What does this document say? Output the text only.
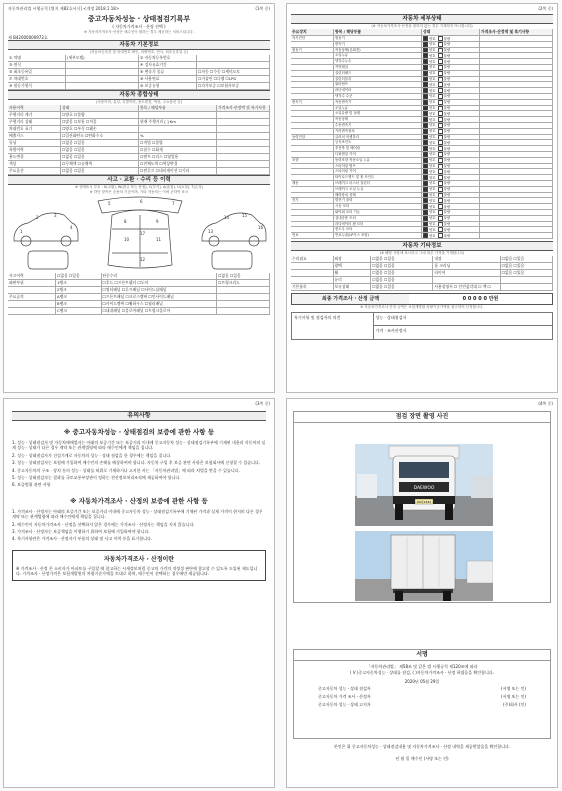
자동차관리법 시행규칙 [별지 제82호서식] <개정 2018.1.18>	(1쪽 중)
중고자동차성능 · 상태점검기록부
( 자동차가격조사 · 산정 선택 )
※ 자동차가격조사·산정은 매수인이 원하는 경우 제공하는 서비스입니다.
제 B42000000972호
자동차 기본정보
(자동차등록증 및 차대번호 확인, 차량번호, 연식, 최초등록일 등)
① 차명	(세부모델)	② 자동차등록번호
③ 연식	④ 검사유효기간
⑤ 최초등록일	⑥ 변속기 종류	☐자동 ☐수동 ☐세미오토
⑦ 차대번호	⑧ 사용연료	☐가솔린 ☐디젤 ☐LPG
⑨ 원동기형식	⑩ 보증유형	☐자가보증 ☐보험사보증
자동차 종합상태
(사용이력, 튜닝, 특별이력, 용도변경, 색상, 주요옵션 등)
사용이력	상태	항목 / 해당부품	가격조사·산정액 및 특기사항
주행거리 계기	☐양호 ☐불량
주행거리 상태	☐많음 ☐보통 ☐적음	현재 주행거리 [ ] Km
차대번호 표기	☐양호 ☐부식 ☐훼손
배출가스	☐일산화탄소 ☐탄화수소	%
튜닝	☐없음 ☐있음	☐적법 ☐불법
특별이력	☐없음 ☐있음	☐침수 ☐화재
용도변경	☐없음 ☐있음	☐렌트 ☐리스 ☐영업용
색상	☐무채색 ☐유채색	☐전체도색 ☐색상변경
주요옵션	☐없음 ☐있음	☐썬루프 ☐네비게이션 ☐기타
사고 · 교환 · 수리 등 이력
※ 상태표시 부호 : X(교환), W(판금 또는 용접), C(부식), A(흠집), U(요철), T(손상)
※ 하단 항목은 승용차 기준이며, 기타 자동차는 이에 준하여 표시
1
2	3
4
5	6	7
8	9
10	11
12
13
14	15
16
17
사고이력	☐없음 ☐있음	단순수리	☐없음 ☐있음
외판부위	1랭크	☐후드 ☐프론트휀더 ☐도어	☐트렁크리드
2랭크	☐쿼터패널 ☐루프패널 ☐사이드실패널
주요골격	A랭크	☐프론트패널 ☐크로스멤버 ☐인사이드패널
B랭크	☐사이드멤버 ☐휠하우스 ☐필러패널
C랭크	☐대쉬패널 ☐플로어패널 ☐트렁크플로어
(2쪽 중)
자동차 세부상태
(※ 자동차가격조사·산정을 원하지 않는 경우 기재하지 아니합니다)
주요장치	항목 / 해당부품	상태	가격조사·산정액 및 특기사항
자기진단	원동기	양호 불량
변속기	양호 불량
원동기	작동상태(공회전)	양호 불량
오일누유	양호 불량
냉각수누수	양호 불량
커먼레일	양호 불량
실린더헤드	양호 불량
실린더블록	양호 불량
워터펌프	양호 불량
라디에이터	양호 불량
냉각수 수준	양호 불량
변속기	자동변속기	양호 불량
오일누유	양호 불량
오일유량 및 상태	양호 불량
작동상태	양호 불량
수동변속기	양호 불량
기어변속장치	양호 불량
동력전달	클러치 어셈블리	양호 불량
등속조인트	양호 불량
추진축 및 베어링	양호 불량
디퍼렌셜 기어	양호 불량
조향	동력조향 작동오일 누유	양호 불량
스티어링 펌프	양호 불량
스티어링 기어	양호 불량
타이로드엔드 및 볼 조인트	양호 불량
제동	브레이크 마스터 실린더	양호 불량
브레이크 오일 누유	양호 불량
배력장치 상태	양호 불량
전기	발전기 출력	양호 불량
시동 모터	양호 불량
와이퍼 모터 기능	양호 불량
실내송풍 모터	양호 불량
라디에이터 팬 모터	양호 불량
윈도우 모터	양호 불량
연료	연료누출(LP가스 포함)	양호 불량
자동차 기타정보
(※ 해당 사항에 표시하고 그에 따른 가격을 기재합니다)
수리필요	외장	☐없음 ☐있음	내장	☐없음 ☐있음
광택	☐없음 ☐있음	룸 크리닝	☐없음 ☐있음
휠	☐없음 ☐있음	타이어	☐없음 ☐있음
유리	☐없음 ☐있음
기본품목	보유상태	☐없음 ☐있음	사용설명서 ☐ 안전삼각대 ☐ 잭 ☐
최종 가격조사 · 산정 금액	0 0 0 0 0 만원
※ 자동차가격조사·산정 금액은 보험개발원 차량기준가액을 참고하여 산정합니다.
특기사항 및 점검자의 의견	성능 · 상태점검자
가격 · 조사산정자
(3쪽 중)
유의사항
※ 중고자동차성능 · 상태점검의 보증에 관한 사항 등
1. 성능 · 상태점검자 및 자동차매매업자는 아래의 보증기간 또는 보증거리 이내에 중고자동차 성능 · 상태점검기록부에 기재된 내용과 자동차의 실제 성능 · 상태가 다른 경우 계약 또는 관계법령에 따라 매수인에게 책임을 집니다.
2. 성능 · 상태점검자가 건설기계로 자동차의 성능 · 상태 점검을 한 경우에는 책임을 집니다.
3. 성능 · 상태점검자는 보험에 가입하여 매수인의 손해를 배상하여야 합니다. 자동차 구입 후 보증 관련 사항은 보험회사에 신청할 수 있습니다.
4. 중고자동차의 구조 · 장치 등의 성능 · 상태를 허위로 기재하거나 고지한 자는 「자동차관리법」에 따라 처벌을 받을 수 있습니다.
5. 성능 · 상태점검자는 결과를 국토교통부장관이 정하는 전산정보처리조직에 제공하여야 합니다.
6. 보증범위 관련 사항
※ 자동차가격조사 · 산정의 보증에 관한 사항 등
1. 가격조사 · 산정자는 아래의 보증기간 또는 보증거리 이내에 중고자동차 성능 · 상태점검기록부에 기재된 가격과 실제 가격이 현저히 다른 경우 계약 또는 관계법령에 따라 매수인에게 책임을 집니다.
2. 매수인이 자동차가격조사 · 산정을 선택하지 않은 경우에는 가격조사 · 산정자는 책임을 지지 않습니다.
3. 가격조사 · 산정자는 보증책임을 이행하기 위하여 보험에 가입하여야 합니다.
4. 특기사항란은 가격조사 · 산정자가 부품의 상태 및 사고 이력 등을 표기합니다.
자동차가격조사 · 산정이란
※ 가격조사 · 산정 은 소비자가 아파트를 구입할 때 참고하는 시세정보처럼 중고차 가격의 적정성 판단에 참고할 수 있도록 도입된 제도입니다. 가격조사 · 산정가격은 보험개발원의 차량기준가액을 토대로 하며, 매수인이 선택하는 경우에만 제공됩니다.
(4쪽 중)
점검 장면 촬영 사진
DAEWOO
93나1322
서명
「자동차관리법」 제58조 및 같은 법 시행규칙 제120조에 따라
( V )중고자동차성능 · 상태를 점검, ( )자동차가격조사 · 산정 하였음을 확인합니다.
2020년 05월 29일
중고자동차 성능 · 상태 점검자	(서명 또는 인)
중고자동차 가격 조사 · 산정자	(서명 또는 인)
중고자동차 성능 · 상태 고지자	(주)회사 (인)
본인은 위 중고자동차성능 · 상태점검내용 및 자동차가격조사 · 산정 내역을 제공받았음을 확인합니다.
년 월 일 매수인 (서명 또는 인)
